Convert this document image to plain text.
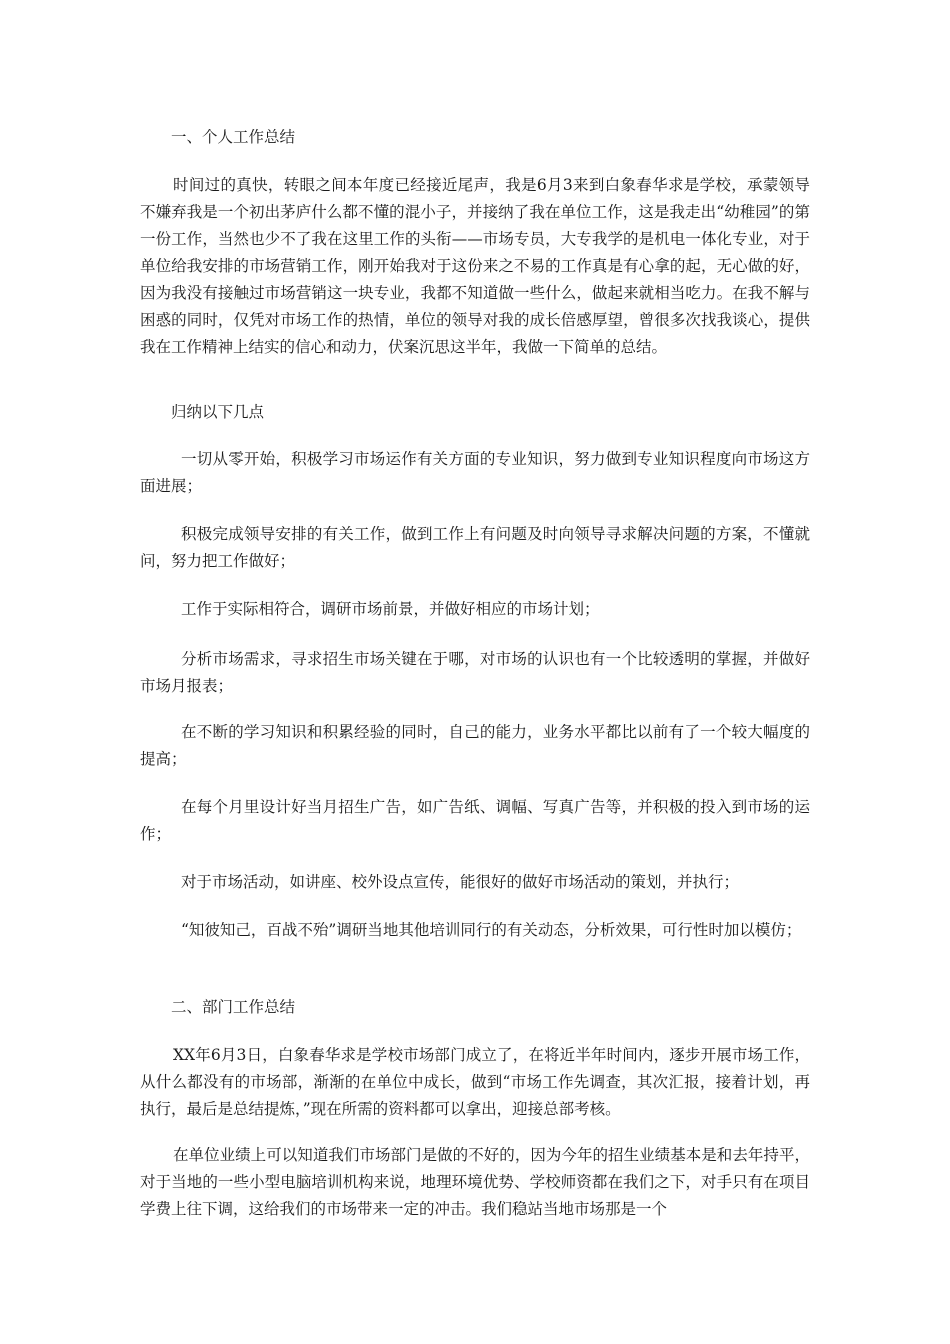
一、个人工作总结

时间过的真快，转眼之间本年度已经接近尾声，我是6月3来到白象春华求是学校，承蒙领导不嫌弃我是一个初出茅庐什么都不懂的混小子，并接纳了我在单位工作，这是我走出“幼稚园”的第一份工作，当然也少不了我在这里工作的头衔——市场专员，大专我学的是机电一体化专业，对于单位给我安排的市场营销工作，刚开始我对于这份来之不易的工作真是有心拿的起，无心做的好，因为我没有接触过市场营销这一块专业，我都不知道做一些什么，做起来就相当吃力。在我不解与困惑的同时，仅凭对市场工作的热情，单位的领导对我的成长倍感厚望，曾很多次找我谈心，提供我在工作精神上结实的信心和动力，伏案沉思这半年，我做一下简单的总结。

归纳以下几点

一切从零开始，积极学习市场运作有关方面的专业知识，努力做到专业知识程度向市场这方面进展；

积极完成领导安排的有关工作，做到工作上有问题及时向领导寻求解决问题的方案，不懂就问，努力把工作做好；

工作于实际相符合，调研市场前景，并做好相应的市场计划；

分析市场需求，寻求招生市场关键在于哪，对市场的认识也有一个比较透明的掌握，并做好市场月报表；

在不断的学习知识和积累经验的同时，自己的能力，业务水平都比以前有了一个较大幅度的提高；

在每个月里设计好当月招生广告，如广告纸、调幅、写真广告等，并积极的投入到市场的运作；

对于市场活动，如讲座、校外设点宣传，能很好的做好市场活动的策划，并执行；

“知彼知己，百战不殆”调研当地其他培训同行的有关动态，分析效果，可行性时加以模仿；

二、部门工作总结

XX年6月3日，白象春华求是学校市场部门成立了，在将近半年时间内，逐步开展市场工作，从什么都没有的市场部，渐渐的在单位中成长，做到“市场工作先调查，其次汇报，接着计划，再执行，最后是总结提炼，”现在所需的资料都可以拿出，迎接总部考核。

在单位业绩上可以知道我们市场部门是做的不好的，因为今年的招生业绩基本是和去年持平，对于当地的一些小型电脑培训机构来说，地理环境优势、学校师资都在我们之下，对手只有在项目学费上往下调，这给我们的市场带来一定的冲击。我们稳站当地市场那是一个
